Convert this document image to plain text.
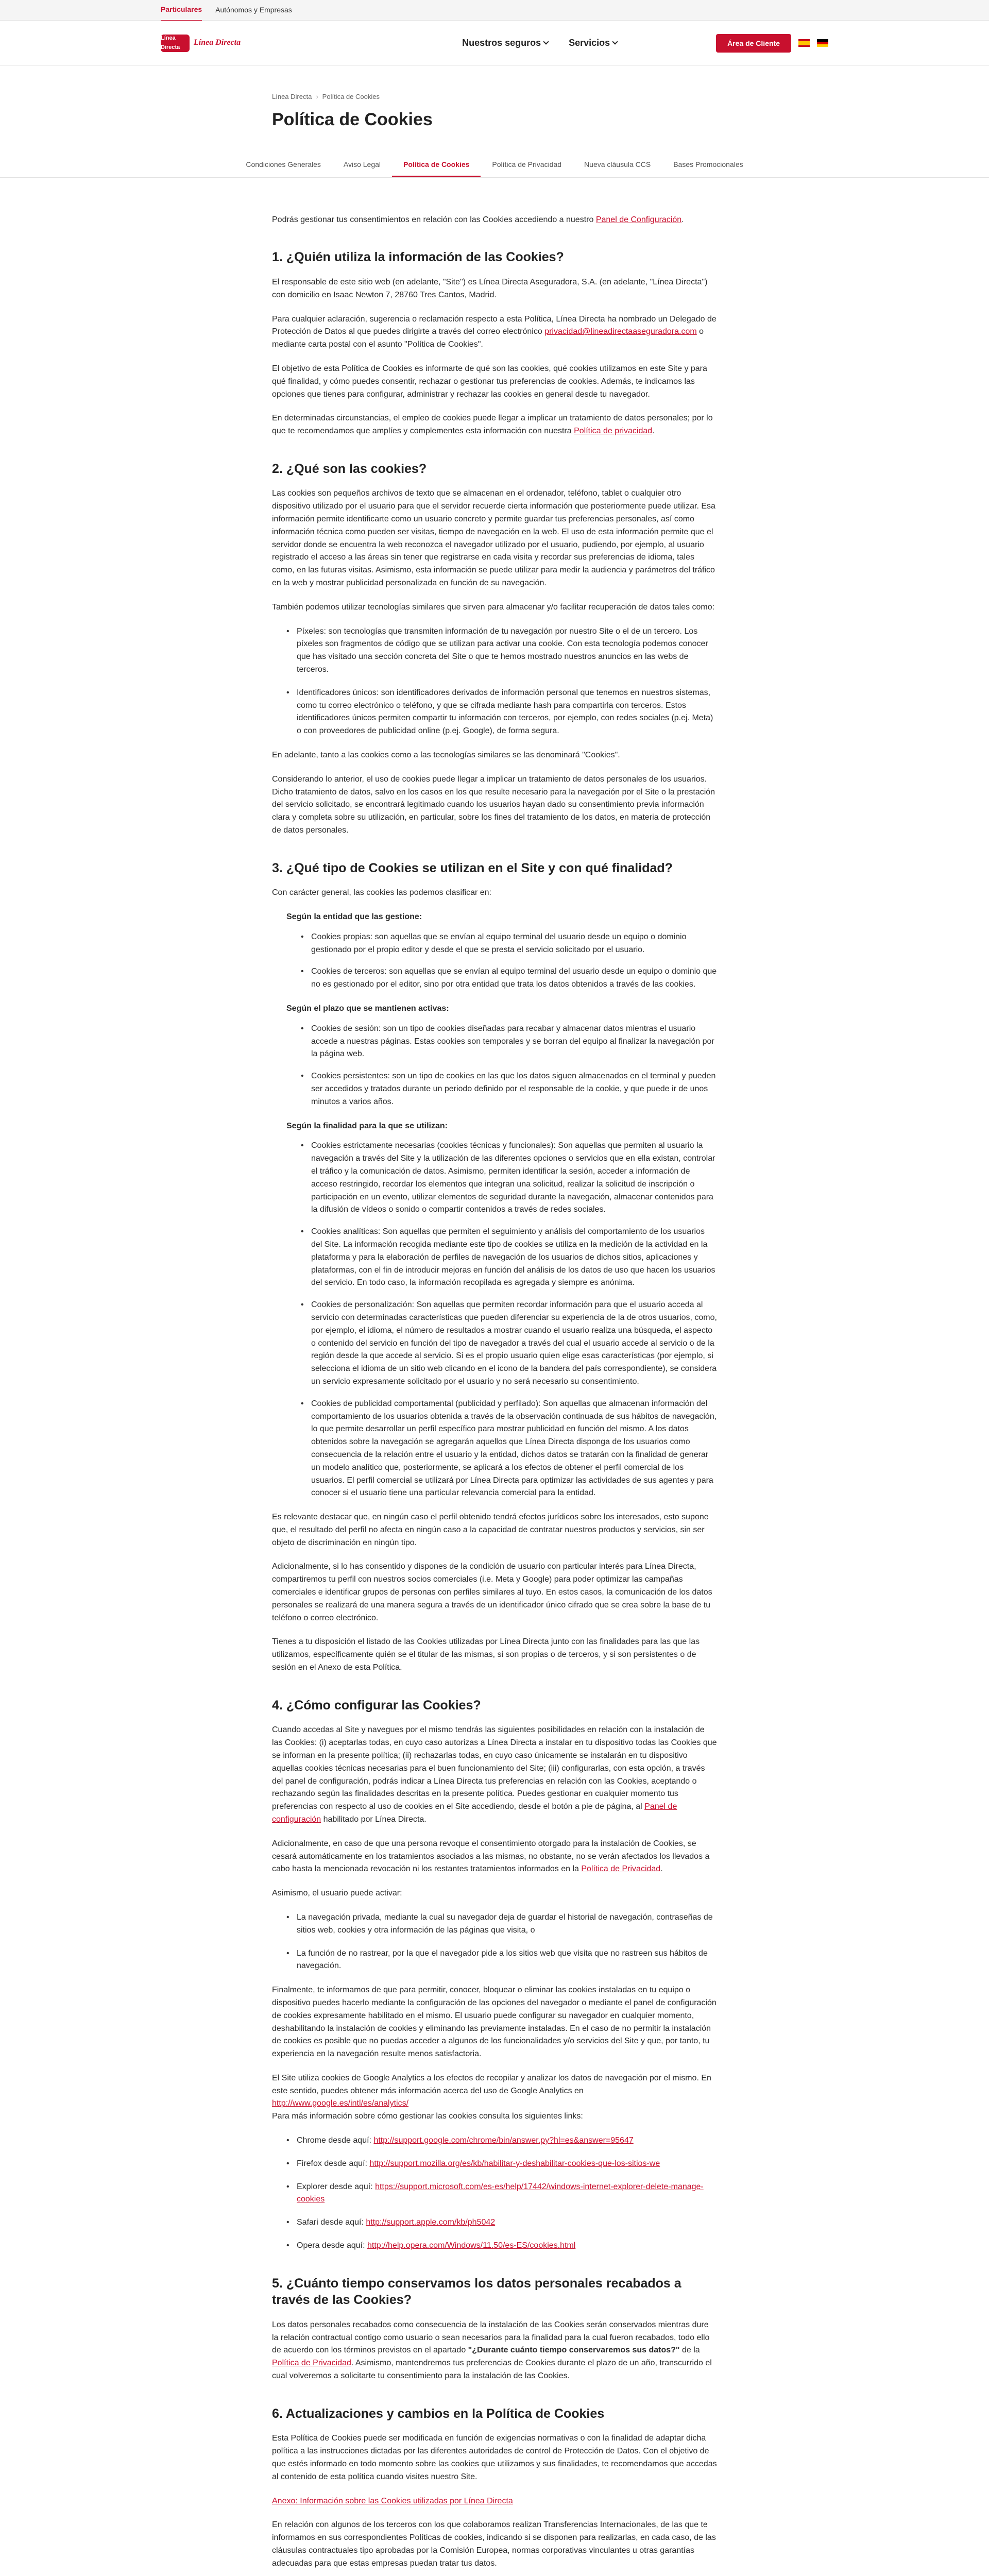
Particulares Autónomos y Empresas
Línea Directa
Línea Directa	Nuestros seguros	Servicios	Área de Cliente
Línea Directa › Política de Cookies
Política de Cookies
Condiciones Generales	Aviso Legal	Política de Cookies	Política de Privacidad	Nueva cláusula CCS	Bases Promocionales

Podrás gestionar tus consentimientos en relación con las Cookies accediendo a nuestro Panel de Configuración.

1. ¿Quién utiliza la información de las Cookies?

El responsable de este sitio web (en adelante, "Site") es Línea Directa Aseguradora, S.A. (en adelante, "Línea Directa") con domicilio en Isaac Newton 7, 28760 Tres Cantos, Madrid.

Para cualquier aclaración, sugerencia o reclamación respecto a esta Política, Línea Directa ha nombrado un Delegado de Protección de Datos al que puedes dirigirte a través del correo electrónico privacidad@lineadirectaaseguradora.com o mediante carta postal con el asunto "Política de Cookies".

El objetivo de esta Política de Cookies es informarte de qué son las cookies, qué cookies utilizamos en este Site y para qué finalidad, y cómo puedes consentir, rechazar o gestionar tus preferencias de cookies. Además, te indicamos las opciones que tienes para configurar, administrar y rechazar las cookies en general desde tu navegador.

En determinadas circunstancias, el empleo de cookies puede llegar a implicar un tratamiento de datos personales; por lo que te recomendamos que amplíes y complementes esta información con nuestra Política de privacidad.

2. ¿Qué son las cookies?

Las cookies son pequeños archivos de texto que se almacenan en el ordenador, teléfono, tablet o cualquier otro dispositivo utilizado por el usuario para que el servidor recuerde cierta información que posteriormente puede utilizar. Esa información permite identificarte como un usuario concreto y permite guardar tus preferencias personales, así como información técnica como pueden ser visitas, tiempo de navegación en la web. El uso de esta información permite que el servidor donde se encuentra la web reconozca el navegador utilizado por el usuario, pudiendo, por ejemplo, al usuario registrado el acceso a las áreas sin tener que registrarse en cada visita y recordar sus preferencias de idioma, tales como, en las futuras visitas. Asimismo, esta información se puede utilizar para medir la audiencia y parámetros del tráfico en la web y mostrar publicidad personalizada en función de su navegación.

También podemos utilizar tecnologías similares que sirven para almacenar y/o facilitar recuperación de datos tales como:

• Píxeles: son tecnologías que transmiten información de tu navegación por nuestro Site o el de un tercero. Los píxeles son fragmentos de código que se utilizan para activar una cookie. Con esta tecnología podemos conocer que has visitado una sección concreta del Site o que te hemos mostrado nuestros anuncios en las webs de terceros.
• Identificadores únicos: son identificadores derivados de información personal que tenemos en nuestros sistemas, como tu correo electrónico o teléfono, y que se cifrada mediante hash para compartirla con terceros. Estos identificadores únicos permiten compartir tu información con terceros, por ejemplo, con redes sociales (p.ej. Meta) o con proveedores de publicidad online (p.ej. Google), de forma segura.

En adelante, tanto a las cookies como a las tecnologías similares se las denominará "Cookies".

Considerando lo anterior, el uso de cookies puede llegar a implicar un tratamiento de datos personales de los usuarios. Dicho tratamiento de datos, salvo en los casos en los que resulte necesario para la navegación por el Site o la prestación del servicio solicitado, se encontrará legitimado cuando los usuarios hayan dado su consentimiento previa información clara y completa sobre su utilización, en particular, sobre los fines del tratamiento de los datos, en materia de protección de datos personales.

3. ¿Qué tipo de Cookies se utilizan en el Site y con qué finalidad?

Con carácter general, las cookies las podemos clasificar en:

Según la entidad que las gestione:
• Cookies propias: son aquellas que se envían al equipo terminal del usuario desde un equipo o dominio gestionado por el propio editor y desde el que se presta el servicio solicitado por el usuario.
• Cookies de terceros: son aquellas que se envían al equipo terminal del usuario desde un equipo o dominio que no es gestionado por el editor, sino por otra entidad que trata los datos obtenidos a través de las cookies.
Según el plazo que se mantienen activas:
• Cookies de sesión: son un tipo de cookies diseñadas para recabar y almacenar datos mientras el usuario accede a nuestras páginas. Estas cookies son temporales y se borran del equipo al finalizar la navegación por la página web.
• Cookies persistentes: son un tipo de cookies en las que los datos siguen almacenados en el terminal y pueden ser accedidos y tratados durante un periodo definido por el responsable de la cookie, y que puede ir de unos minutos a varios años.
Según la finalidad para la que se utilizan:
• Cookies estrictamente necesarias (cookies técnicas y funcionales): Son aquellas que permiten al usuario la navegación a través del Site y la utilización de las diferentes opciones o servicios que en ella existan, controlar el tráfico y la comunicación de datos. Asimismo, permiten identificar la sesión, acceder a información de acceso restringido, recordar los elementos que integran una solicitud, realizar la solicitud de inscripción o participación en un evento, utilizar elementos de seguridad durante la navegación, almacenar contenidos para la difusión de vídeos o sonido o compartir contenidos a través de redes sociales.
• Cookies analíticas: Son aquellas que permiten el seguimiento y análisis del comportamiento de los usuarios del Site. La información recogida mediante este tipo de cookies se utiliza en la medición de la actividad en la plataforma y para la elaboración de perfiles de navegación de los usuarios de dichos sitios, aplicaciones y plataformas, con el fin de introducir mejoras en función del análisis de los datos de uso que hacen los usuarios del servicio. En todo caso, la información recopilada es agregada y siempre es anónima.
• Cookies de personalización: Son aquellas que permiten recordar información para que el usuario acceda al servicio con determinadas características que pueden diferenciar su experiencia de la de otros usuarios, como, por ejemplo, el idioma, el número de resultados a mostrar cuando el usuario realiza una búsqueda, el aspecto o contenido del servicio en función del tipo de navegador a través del cual el usuario accede al servicio o de la región desde la que accede al servicio. Si es el propio usuario quien elige esas características (por ejemplo, si selecciona el idioma de un sitio web clicando en el icono de la bandera del país correspondiente), se considera un servicio expresamente solicitado por el usuario y no será necesario su consentimiento.
• Cookies de publicidad comportamental (publicidad y perfilado): Son aquellas que almacenan información del comportamiento de los usuarios obtenida a través de la observación continuada de sus hábitos de navegación, lo que permite desarrollar un perfil específico para mostrar publicidad en función del mismo. A los datos obtenidos sobre la navegación se agregarán aquellos que Línea Directa disponga de los usuarios como consecuencia de la relación entre el usuario y la entidad, dichos datos se tratarán con la finalidad de generar un modelo analítico que, posteriormente, se aplicará a los efectos de obtener el perfil comercial de los usuarios. El perfil comercial se utilizará por Línea Directa para optimizar las actividades de sus agentes y para conocer si el usuario tiene una particular relevancia comercial para la entidad.

Es relevante destacar que, en ningún caso el perfil obtenido tendrá efectos jurídicos sobre los interesados, esto supone que, el resultado del perfil no afecta en ningún caso a la capacidad de contratar nuestros productos y servicios, sin ser objeto de discriminación en ningún tipo.

Adicionalmente, si lo has consentido y dispones de la condición de usuario con particular interés para Línea Directa, compartiremos tu perfil con nuestros socios comerciales (i.e. Meta y Google) para poder optimizar las campañas comerciales e identificar grupos de personas con perfiles similares al tuyo. En estos casos, la comunicación de los datos personales se realizará de una manera segura a través de un identificador único cifrado que se crea sobre la base de tu teléfono o correo electrónico.

Tienes a tu disposición el listado de las Cookies utilizadas por Línea Directa junto con las finalidades para las que las utilizamos, específicamente quién se el titular de las mismas, si son propias o de terceros, y si son persistentes o de sesión en el Anexo de esta Política.

4. ¿Cómo configurar las Cookies?

Cuando accedas al Site y navegues por el mismo tendrás las siguientes posibilidades en relación con la instalación de las Cookies: (i) aceptarlas todas, en cuyo caso autorizas a Línea Directa a instalar en tu dispositivo todas las Cookies que se informan en la presente política; (ii) rechazarlas todas, en cuyo caso únicamente se instalarán en tu dispositivo aquellas cookies técnicas necesarias para el buen funcionamiento del Site; (iii) configurarlas, con esta opción, a través del panel de configuración, podrás indicar a Línea Directa tus preferencias en relación con las Cookies, aceptando o rechazando según las finalidades descritas en la presente política. Puedes gestionar en cualquier momento tus preferencias con respecto al uso de cookies en el Site accediendo, desde el botón a pie de página, al Panel de configuración habilitado por Línea Directa.

Adicionalmente, en caso de que una persona revoque el consentimiento otorgado para la instalación de Cookies, se cesará automáticamente en los tratamientos asociados a las mismas, no obstante, no se verán afectados los llevados a cabo hasta la mencionada revocación ni los restantes tratamientos informados en la Política de Privacidad.

Asimismo, el usuario puede activar:

• La navegación privada, mediante la cual su navegador deja de guardar el historial de navegación, contraseñas de sitios web, cookies y otra información de las páginas que visita, o
• La función de no rastrear, por la que el navegador pide a los sitios web que visita que no rastreen sus hábitos de navegación.

Finalmente, te informamos de que para permitir, conocer, bloquear o eliminar las cookies instaladas en tu equipo o dispositivo puedes hacerlo mediante la configuración de las opciones del navegador o mediante el panel de configuración de cookies expresamente habilitado en el mismo. El usuario puede configurar su navegador en cualquier momento, deshabilitando la instalación de cookies y eliminando las previamente instaladas. En el caso de no permitir la instalación de cookies es posible que no puedas acceder a algunos de los funcionalidades y/o servicios del Site y que, por tanto, tu experiencia en la navegación resulte menos satisfactoria.

El Site utiliza cookies de Google Analytics a los efectos de recopilar y analizar los datos de navegación por el mismo. En este sentido, puedes obtener más información acerca del uso de Google Analytics en http://www.google.es/intl/es/analytics/
Para más información sobre cómo gestionar las cookies consulta los siguientes links:

• Chrome desde aquí: http://support.google.com/chrome/bin/answer.py?hl=es&answer=95647
• Firefox desde aquí: http://support.mozilla.org/es/kb/habilitar-y-deshabilitar-cookies-que-los-sitios-we
• Explorer desde aquí: https://support.microsoft.com/es-es/help/17442/windows-internet-explorer-delete-manage-cookies
• Safari desde aquí: http://support.apple.com/kb/ph5042
• Opera desde aquí: http://help.opera.com/Windows/11.50/es-ES/cookies.html
5. ¿Cuánto tiempo conservamos los datos personales recabados a través de las Cookies?

Los datos personales recabados como consecuencia de la instalación de las Cookies serán conservados mientras dure la relación contractual contigo como usuario o sean necesarios para la finalidad para la cual fueron recabados, todo ello de acuerdo con los términos previstos en el apartado "¿Durante cuánto tiempo conservaremos sus datos?" de la Política de Privacidad. Asimismo, mantendremos tus preferencias de Cookies durante el plazo de un año, transcurrido el cual volveremos a solicitarte tu consentimiento para la instalación de las Cookies.

6. Actualizaciones y cambios en la Política de Cookies

Esta Política de Cookies puede ser modificada en función de exigencias normativas o con la finalidad de adaptar dicha política a las instrucciones dictadas por las diferentes autoridades de control de Protección de Datos. Con el objetivo de que estés informado en todo momento sobre las cookies que utilizamos y sus finalidades, te recomendamos que accedas al contenido de esta política cuando visites nuestro Site.

Anexo: Información sobre las Cookies utilizadas por Línea Directa

En relación con algunos de los terceros con los que colaboramos realizan Transferencias Internacionales, de las que te informamos en sus correspondientes Políticas de cookies, indicando si se disponen para realizarlas, en cada caso, de las cláusulas contractuales tipo aprobadas por la Comisión Europea, normas corporativas vinculantes u otras garantías adecuadas para que estas empresas puedan tratar tus datos.
